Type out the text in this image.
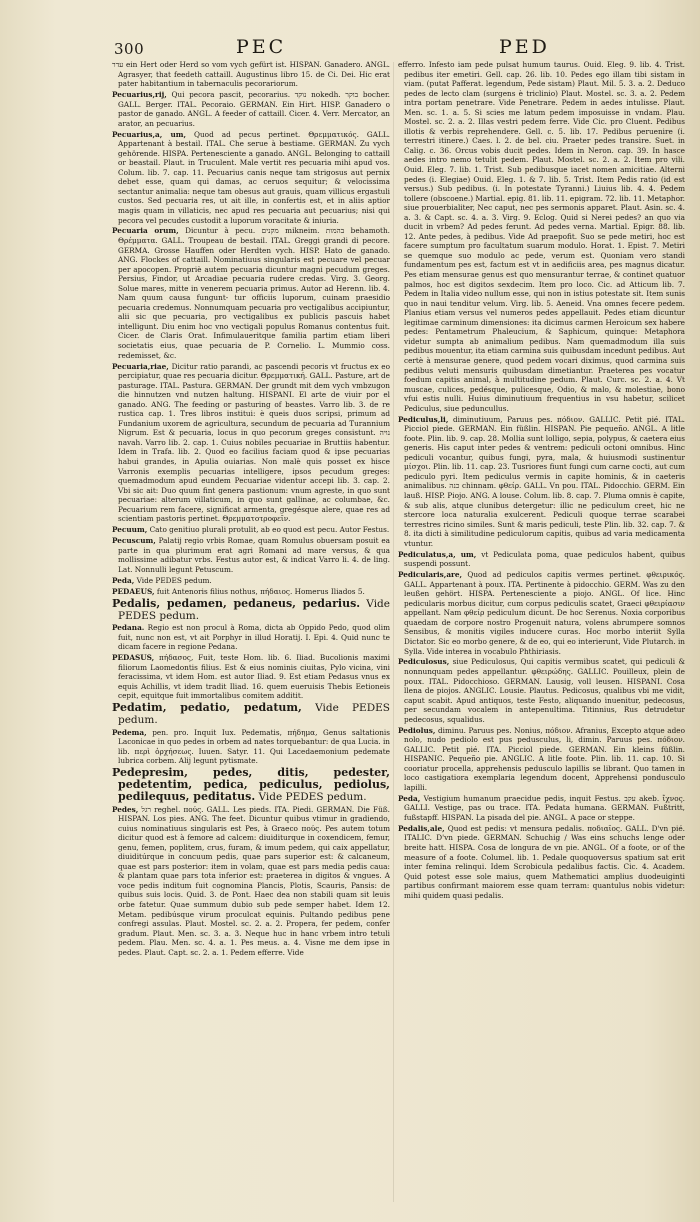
300	PEC	PED

עדר ein Hert oder Herd so vom vych gefürt ist. HISPAN. Ganadero. ANGL. Agrasyer, that feedeth cattaill. Augustinus libro 15. de Ci. Dei. Hic erat pater habitantium in tabernaculis pecorariorum.

Pecuarius,rij, Qui pecora pascit, pecorarius. נוקד nokedh. בוקר bocher. GALL. Berger. ITAL. Pecoraio. GERMAN. Ein Hirt. HISP. Ganadero o pastor de ganado. ANGL. A feeder of cattaill. Cicer. 4. Verr. Mercator, an arator, an pecuarius.

Pecuarius,a, um, Quod ad pecus pertinet. Θρεμματικός. GALL. Appartenant à bestail. ITAL. Che serue à bestiame. GERMAN. Zu vych gehörende. HISPA. Pertenesciente a ganado. ANGL. Belonging to cattaill or beastail. Plaut. in Truculent. Male vertit res pecuaria mihi apud vos. Colum. lib. 7. cap. 11. Pecuarius canis neque tam strigosus aut pernix debet esse, quam qui damas, ac ceruos sequitur; & velocissima sectantur animalia: neque tam obesus aut grauis, quam villicus ergastuli custos. Sed pecuaria res, ut ait ille, in confertis est, et in aliis aptior magis quam in villaticis, nec apud res pecuaria aut pecuarius; nisi qui pecora vel pecudes custodit a luporum voracitate & iniuria.

Pecuaria orum, Dicuntur à pecu. מקנים mikneim. בהמות behamoth. Θρέμματα. GALL. Troupeau de bestail. ITAL. Greggi grandi di pecore. GERMA. Grosse Hauffen oder Herdten vych. HISP. Hato de ganado. ANG. Flockes of cattaill. Nominatiuus singularis est pecuare vel pecuar per apocopen. Propriè autem pecuaria dicuntur magni pecudum greges. Persius, Findor, ut Arcadiae pecuaria rudere credas. Virg. 3. Georg. Solue mares, mitte in venerem pecuaria primus. Autor ad Herenn. lib. 4. Nam quum causa fungunt- tur officiis luporum, cuinam praesidio pecuaria credemus. Nonnumquam pecuaria pro vectigalibus accipiuntur, alii sic que pecuaria, pro vectigalibus ex publicis pascuis habet intelligunt. Diu enim hoc vno vectigali populus Romanus contentus fuit. Cicer. de Claris Orat. Infimulaueritque familia partim etiam liberi societatis eius, quae pecuaria de P. Cornelio. L. Mummio coss. redemisset, &c.

Pecuaria,riae, Dicitur ratio parandi, ac pascendi pecoris vt fructus ex eo percipiatur, quae res pecuaria dicitur. Θρεμματική. GALL. Pasture, art de pasturage. ITAL. Pastura. GERMAN. Der grundt mit dem vych vmbzugon die hinnutzen vnd nutzen haltung. HISPANI. El arte de viuir por el ganado. ANG. The feeding or pasturing of beastes. Varro lib. 3. de re rustica cap. 1. Tres libros institui: è queis duos scripsi, primum ad Fundanium uxorem de agricultura, secundum de pecuaria ad Turannium Nigrum. Est & pecuaria, locus in quo pecorum greges consistunt. נויה navah. Varro lib. 2. cap. 1. Cuius nobiles pecuariae in Bruttiis habentur. Idem in Trafa. lib. 2. Quod eo facilius faciam quod & ipse pecuarias habui grandes, in Apulia ouiarias. Non malè quis posset ex hisce Varronis exemplis pecuarias intelligere, ipsos pecudum greges: quemadmodum apud eundem Pecuariae videntur accepi lib. 3. cap. 2. Vbi sic ait: Duo quum fint genera pastionum: vnum agreste, in quo sunt pecuariae: alterum villaticum, in quo sunt gallinae, ac columbae, &c. Pecuarium rem facere, significat armenta, gregésque alere, quae res ad scientiam pastoris pertinet. Θρεμματοτροφεῖν.

Pecuum, Cato genitiuo plurali protulit, ab eo quod est pecu. Autor Festus.

Pecuscum, Palatij regio vrbis Romae, quam Romulus obuersam posuit ea parte in qua plurimum erat agri Romani ad mare versus, & qua mollissime adibatur vrbs. Festus autor est, & indicat Varro li. 4. de ling. Lat. Nonnulli legunt Petuscum.

Peda, Vide PEDES pedum.

PEDAEUS, fuit Antenoris filius nothus, πήδαιος. Homerus Iliados 5.

Pedalis, pedamen, pedaneus, pedarius. Vide PEDES pedum.

Pedana. Regio est non procul à Roma, dicta ab Oppido Pedo, quod olim fuit, nunc non est, vt ait Porphyr in illud Horatij. I. Epi. 4. Quid nunc te dicam facere in regione Pedana.

PEDASUS, πήδασος, Fuit, teste Hom. lib. 6. Iliad. Bucolionis maximi filiorum Laomedontis filius. Est & eius nominis ciuitas, Pylo vicina, vini feracissima, vt idem Hom. est autor Iliad. 9. Est etiam Pedasus vnus ex equis Achillis, vt idem tradit Iliad. 16. quem eueruisis Thebis Eetioneis cepit, equitque fuit immortalibus comitem additit.

Pedatim, pedatio, pedatum, Vide PEDES pedum.

Pedema, pen. pro. Inquit Iux. Pedematis, πήδημα, Genus saltationis Laconicae in quo pedes in orbem ad nates torquebantur: de qua Lucia. in lib. περὶ ὀρχήσεως. Iuuen. Satyr. 11. Qui Lacedaemonium pedemate lubrica corbem. Alij legunt pytismate.

Pedepresim, pedes, ditis, pedester, pedetentim, pedica, pediculus, pediolus, pedilequus, peditatus. Vide PEDES pedum.

Pedes, רגל reghel. πούς. GALL. Les pieds. ITA. Piedi. GERMAN. Die Füß. HISPAN. Los pies. ANG. The feet. Dicuntur quibus vtimur in gradiendo, cuius nominatiuus singularis est Pes, à Graeco πούς. Pes autem totum dicitur quod est à femore ad calcem: diuiditurque in coxendicem, femur, genu, femen, poplitem, crus, furam, & imum pedem, qui caix appellatur, diuiditúrque in concuum pedis, quae pars superior est: & calcaneum, quae est pars posterior: item in volam, quae est pars media pedis caua: & plantam quae pars tota inferior est: praeterea in digitos & vngues. A voce pedis inditum fuit cognomina Plancis, Plotis, Scauris, Pansis: de quibus suis locis. Quid. 3. de Pont. Haec dea non stabili quam sit leuis orbe fatetur. Quae summum dubio sub pede semper habet. Idem 12. Metam. pedibúsque virum proculcat equinis. Pultando pedibus pene confregi assulas. Plaut. Mostel. sc. 2. a. 2. Propera, fer pedem, confer gradum. Plaut. Men. sc. 3. a. 3. Neque huc in hanc vrbem intro tetuli pedem. Plau. Men. sc. 4. a. 1. Pes meus. a. 4. Visne me dem ipse in pedes. Plaut. Capt. sc. 2. a. 1. Pedem efferre. Vide

efferro. Infesto iam pede pulsat humum taurus. Ouid. Eleg. 9. lib. 4. Trist. pedibus iter emetiri. Gell. cap. 26. lib. 10. Pedes ego illam tibi sistam in viam. (putat Pafferat. legendum, Pede sistam) Plaut. Mil. 5. 3. a. 2. Deduco pedes de lecto clam (surgens è triclinio) Plaut. Mostel. sc. 3. a. 2. Pedem intra portam penetrare. Vide Penetrare. Pedem in aedes intulisse. Plaut. Men. sc. 1. a. 5. Si scies me latum pedem imposuisse in vndam. Plau. Mostel. sc. 2. a. 2. Illas vestri pedem ferre. Vide Cic. pro Cluent. Pedibus illotis & verbis reprehendere. Gell. c. 5. lib. 17. Pedibus peruenire (i. terrestri itinere.) Caes. l. 2. de bel. ciu. Praeter pedes transire. Suet. in Calig. c. 36. Orcus vobis ducit pedes. Idem in Neron. cap. 39. In hasce aedes intro nemo tetulit pedem. Plaut. Mostel. sc. 2. a. 2. Item pro vili. Ouid. Eleg. 7. lib. 1. Trist. Sub pedibusque iacet nomen amicitiae. Alterni pedes (i. Elegiae) Ouid. Eleg. 1. & 7. lib. 5. Trist. Item Pedis ratio (id est versus.) Sub pedibus. (i. In potestate Tyranni.) Liuius lib. 4. 4. Pedem tollere (obscoene.) Martial. epig. 81. lib. 11. epigram. 72. lib. 11. Metaphor. siue prouerbialiter, Nec caput, nec pes sermonis apparet. Plaut. Asin. sc. 4. a. 3. & Capt. sc. 4. a. 3. Virg. 9. Eclog. Quid si Nerei pedes? an quo via ducit in vrbem? Ad pedes ferunt. Ad pedes verna. Martial. Epigr. 88. lib. 12. Ante pedes, à pedibus. Vide Ad praepofit. Suo se pede metiri, hoc est facere sumptum pro facultatum suarum modulo. Horat. 1. Epist. 7. Metiri se quemque suo modulo ac pede, verum est. Quoniam vero standi fundamentum pes est, factum est vt in aedificiis area, pes magnus dicatur. Pes etiam mensurae genus est quo mensurantur terrae, & continet quatuor palmos, hoc est digitos sexdecim. Item pro loco. Cic. ad Atticum lib. 7. Pedem in Italia video nullum esse, qui non in istius potestate sit. Item sunis quo in naui tenditur velum. Virg. lib. 5. Aeneid. Vna omnes fecere pedem. Planius etiam versus vel numeros pedes appellauit. Pedes etiam dicuntur legitimae carminum dimensiones: ita dicimus carmen Heroicum sex habere pedes: Pentametrum Phaleucium, & Saphicum, quinque: Metaphora videtur sumpta ab animalium pedibus. Nam quemadmodum illa suis pedibus mouentur, ita etiam carmina suis quibusdam incedunt pedibus. Aut certè à mensurae genere, quod pedem vocari diximus, quod carmina suis pedibus veluti mensuris quibusdam dimetiantur. Praeterea pes vocatur foedum capitis animal, à multitudine pedum. Plaut. Curc. sc. 2. a. 4. Vt muscae, culices, pedésque, pulicesque, Odio, & malo, & molestiae, bono vfui estis nulli. Huius diminutiuum frequentius in vsu habetur, scilicet Pediculus, siue peduncullus.

Pediculus,li, diminutiuum, Paruus pes. πόδιον. GALLIC. Petit pié. ITAL. Picciol piede. GERMAN. Ein füßlin. HISPAN. Pie pequeño. ANGL. A litle foote. Plin. lib. 9. cap. 28. Mollia sunt lolligo, sepia, polypus, & caetera eius generis. His caput inter pedes & ventrem: pediculi octoni omnibus. Hinc pediculi vocantur, quibus fungi, pyra, mala, & huiusmodi sustinentur μίσχοι. Plin. lib. 11. cap. 23. Tusriores fiunt fungi cum carne cocti, aut cum pediculo pyri. Item pediculus vermis in capite hominis, & in caeteris animalibus. כנה chinnam. φθείρ. GALL. Vn pou. ITAL. Pidocchio. GERM. Ein lauß. HISP. Piojo. ANG. A louse. Colum. lib. 8. cap. 7. Pluma omnis è capite, & sub alis, atque clunibus detergetur: illic ne pediculum creet, hic ne stercore loca naturalia exulcerent. Pediculi quoque terrae scarabei terrestres ricino similes. Sunt & maris pediculi, teste Plin. lib. 32. cap. 7. & 8. ita dicti à similitudine pediculorum capitis, quibus ad varia medicamenta vtuntur.

Pediculatus,a, um, vt Pediculata poma, quae pediculos habent, quibus suspendi possunt.

Pedicularis,are, Quod ad pediculos capitis vermes pertinet. φθειρικός. GALL. Appartenant à poux. ITA. Pertinente à pidocchio. GERM. Was zu den leußen gehört. HISPA. Pertenesciente a piojo. ANGL. Of lice. Hinc pedicularis morbus dicitur, cum corpus pediculis scatet, Graeci φθειρίασιν appellant. Nam φθείρ pediculum dicunt. De hoc Serenus. Noxia corporibus quaedam de corpore nostro Progenuit natura, volens abrumpere somnos Sensibus, & monitis vigiles inducere curas. Hoc morbo interiit Sylla Dictator. Sic eo morbo genere, & de eo, qui eo interierunt, Vide Plutarch. in Sylla. Vide interea in vocabulo Phthiriasis.

Pediculosus, siue Pediculosus, Qui capitis vermibus scatet, qui pediculi & nonnunquam pedes appellantur. φθειρώδης. GALLIC. Pouilleux, plein de poux. ITAL. Pidocchioso. GERMAN. Lausig, voll leusen. HISPANI. Cosa llena de piojos. ANGLIC. Lousie. Plautus. Pedicosus, qualibus vbi me vidit, caput scabit. Apud antiquos, teste Festo, aliquando inuenitur, pedecosus, per secundam vocalem in antepenultima. Titinnius, Rus detrudetur pedecosus, squalidus.

Pediolus, diminu. Paruus pes. Nonius, πόδιον. Afranius, Excepto atque adeo nolo, nudo pediolo est pus pedusculus, li, dimin. Paruus pes. πόδιον. GALLIC. Petit pié. ITA. Picciol piede. GERMAN. Ein kleins füßlin. HISPANIC. Pequeño pie. ANGLIC. A litle foote. Plin. lib. 11. cap. 10. Si cooriatur procella, apprehensis pedusculo lapillis se librant. Quo tamen in loco castigatiora exemplaria legendum docent, Apprehensi pondusculo lapilli.

Peda, Vestigium humanum praecidue pedis, inquit Festus. עקב akeb. ἴχνος. GALLI. Vestige, pas ou trace. ITA. Pedata humana. GERMAN. Fußtritt, fußstapff. HISPAN. La pisada del pie. ANGL. A pace or steppe.

Pedalis,ale, Quod est pedis: vt mensura pedalis. ποδιαῖος. GALL. D'vn pié. ITALIC. D'vn piede. GERMAN. Schuchig / Was eins schuchs lenge oder breite hatt. HISPA. Cosa de longura de vn pie. ANGL. Of a foote, or of the measure of a foote. Columel. lib. 1. Pedale quoquoversus spatium sat erit inter femina relinqui. Idem Scrobicula pedalibus factis. Cic. 4. Academ. Quid potest esse sole maius, quem Mathematici amplius duodeuiginti partibus confirmant maiorem esse quam terram: quantulus nobis videtur: mihi quidem quasi pedalis.
